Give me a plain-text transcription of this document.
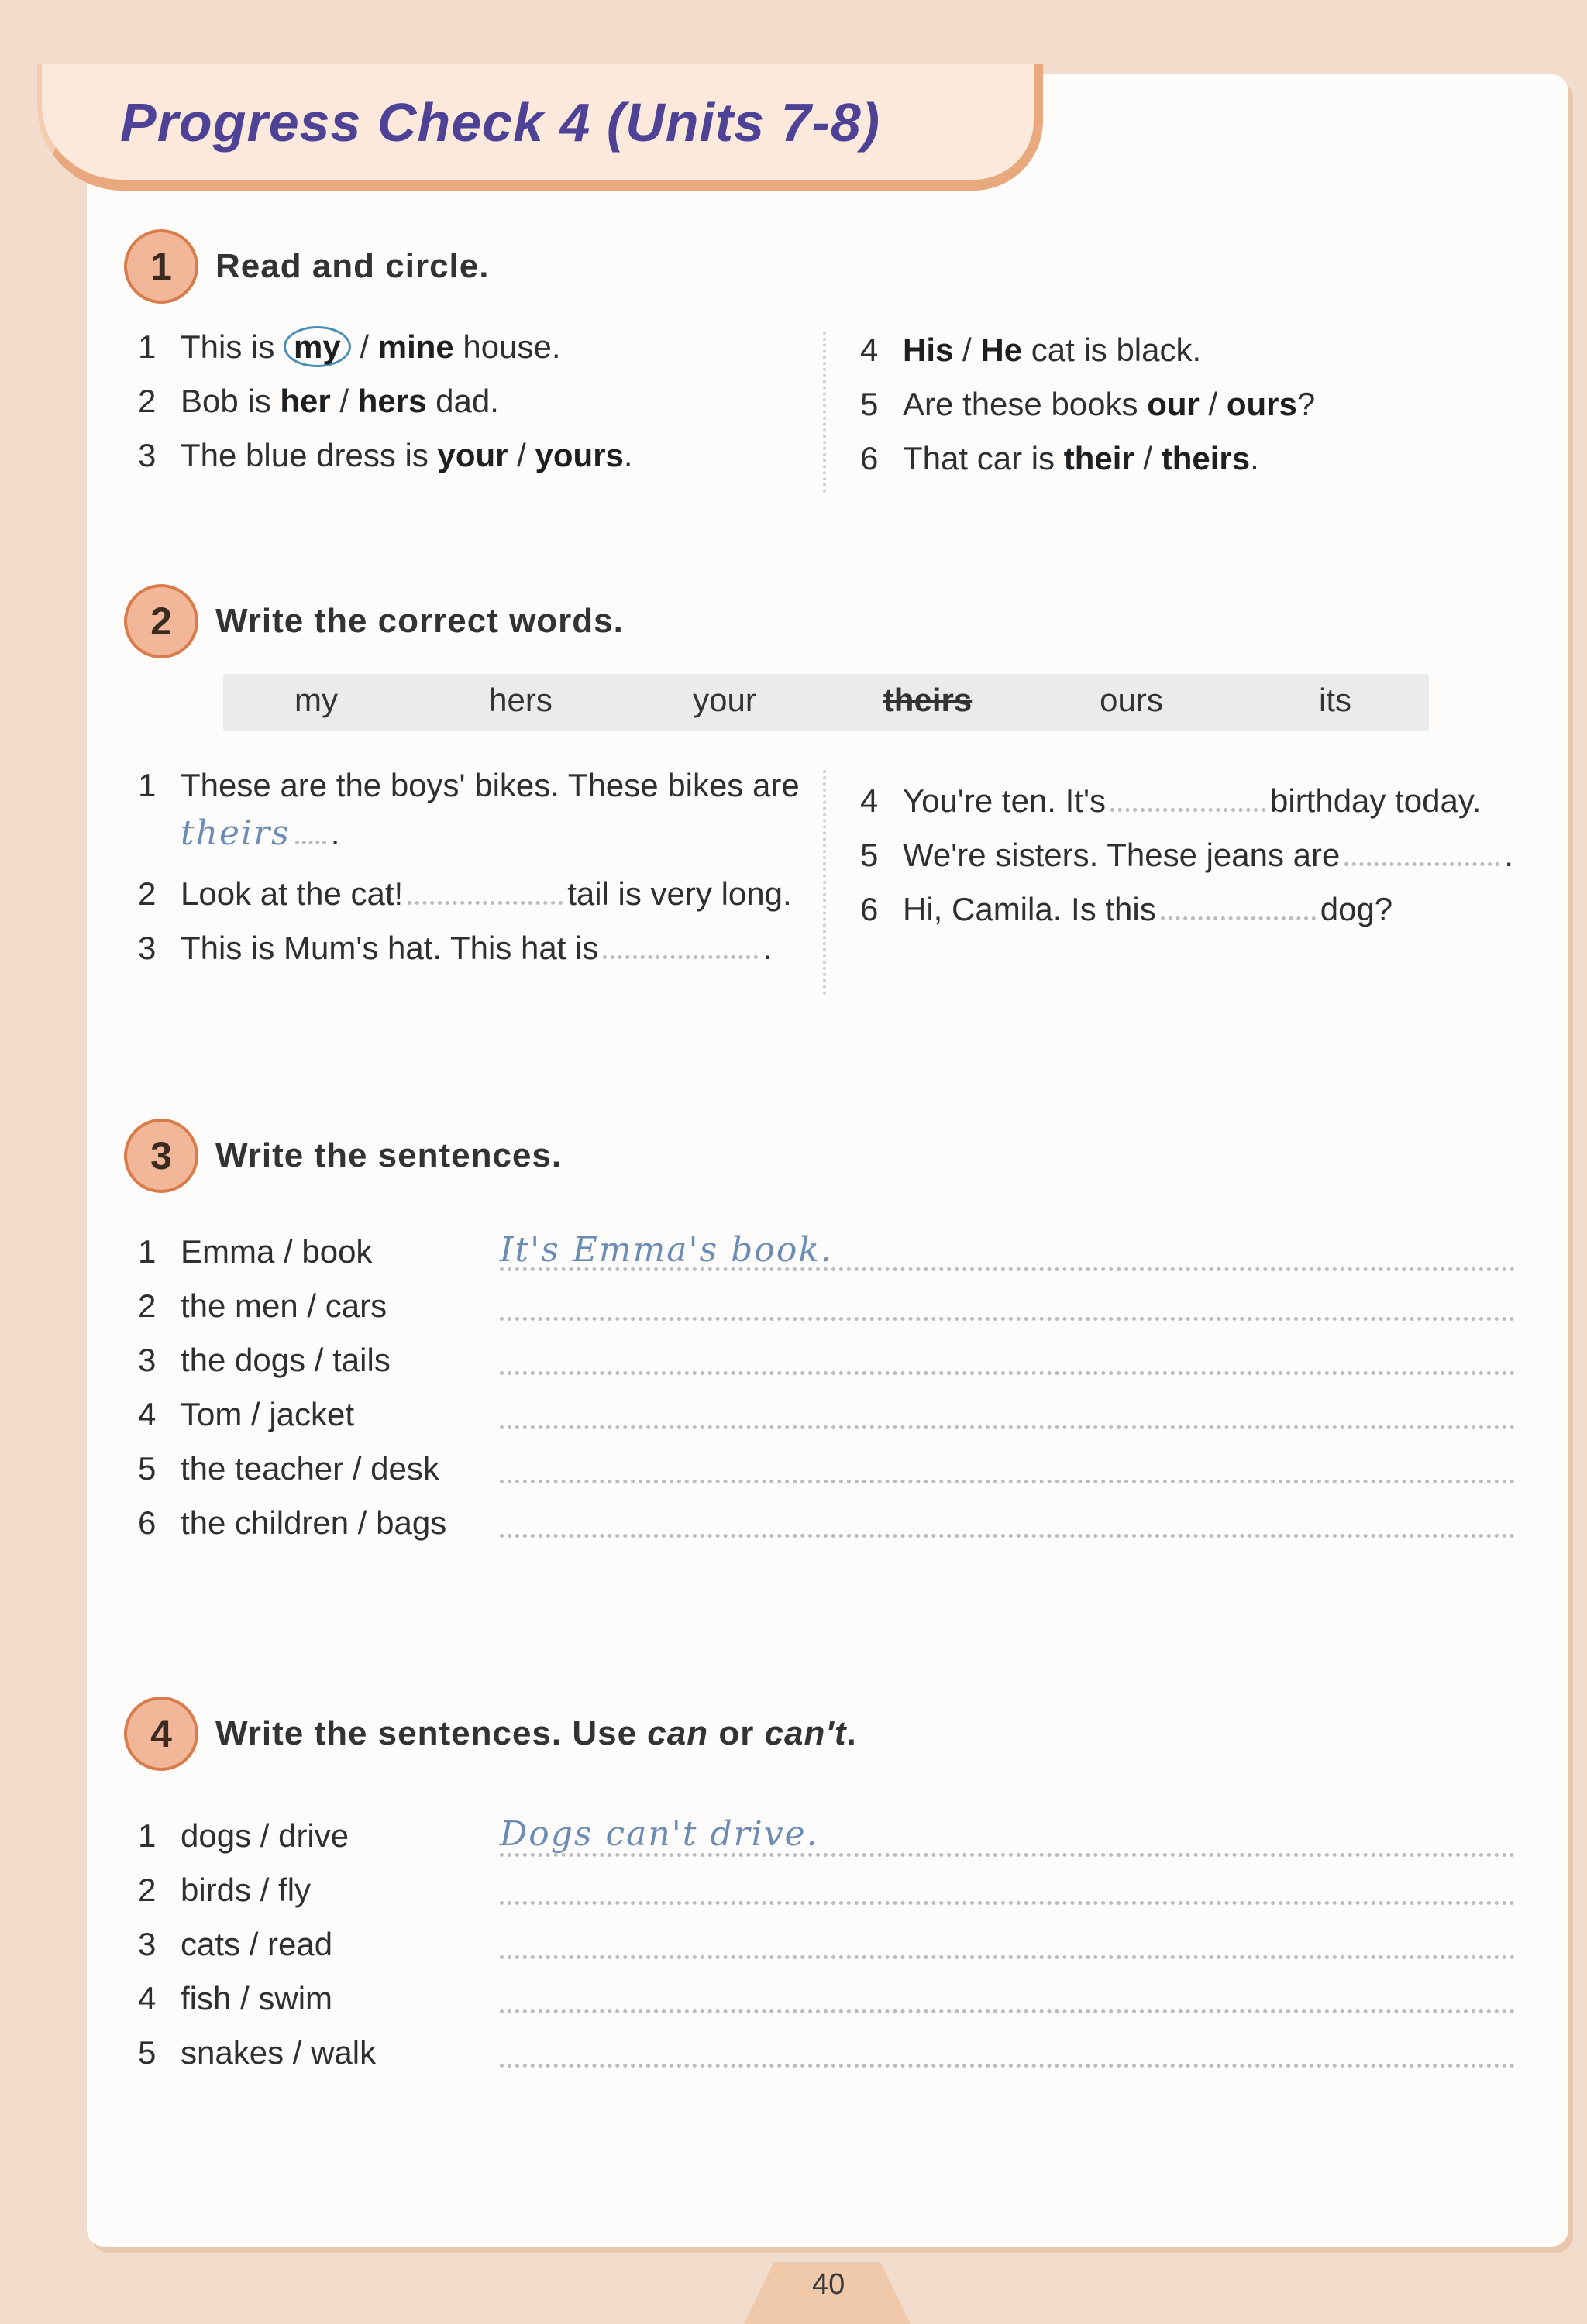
Progress Check 4 (Units 7-8)
1	Read and circle.
1 This is my / mine house.
2 Bob is her / hers dad.
3 The blue dress is your / yours.
4 His / He cat is black.
5 Are these books our / ours?
6 That car is their / theirs.
2	Write the correct words.
my	hers	your	theirs	ours	its
1 These are the boys' bikes. These bikes are
theirs .
2 Look at the cat!	tail is very long.
3 This is Mum's hat. This hat is	.
4 You're ten. It's	birthday today.
5 We're sisters. These jeans are	.
6 Hi, Camila. Is this	dog?
3	Write the sentences.
1 Emma / book	It's Emma's book.
2 the men / cars
3 the dogs / tails
4 Tom / jacket
5 the teacher / desk
6 the children / bags
4	Write the sentences. Use can or can't.
1 dogs / drive	Dogs can't drive.
2 birds / fly
3 cats / read
4 fish / swim
5 snakes / walk
40
